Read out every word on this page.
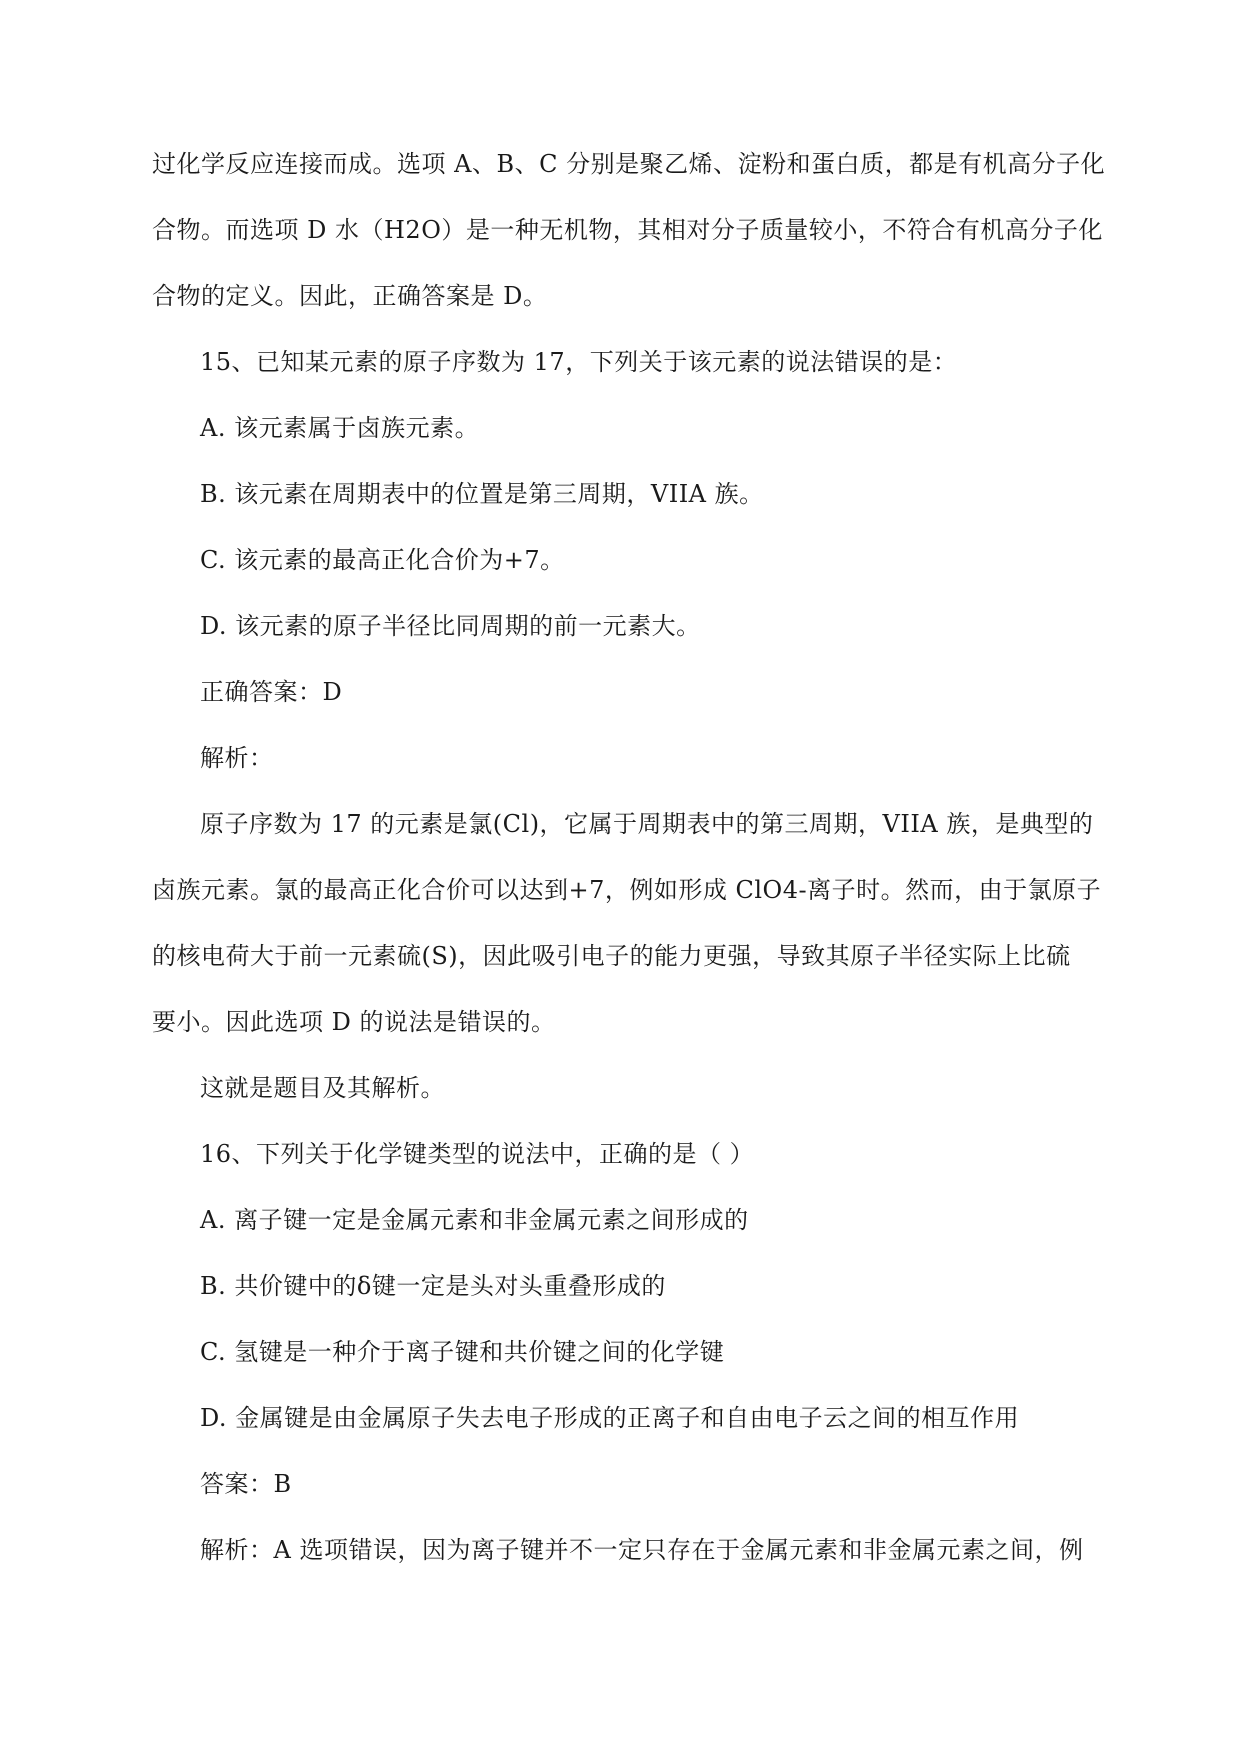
过化学反应连接而成。选项 A、B、C 分别是聚乙烯、淀粉和蛋白质，都是有机高分子化
合物。而选项 D 水（H2O）是一种无机物，其相对分子质量较小，不符合有机高分子化
合物的定义。因此，正确答案是 D。
15、已知某元素的原子序数为 17，下列关于该元素的说法错误的是：
A. 该元素属于卤族元素。
B. 该元素在周期表中的位置是第三周期，VIIA 族。
C. 该元素的最高正化合价为+7。
D. 该元素的原子半径比同周期的前一元素大。
正确答案：D
解析：
原子序数为 17 的元素是氯(Cl)，它属于周期表中的第三周期，VIIA 族，是典型的
卤族元素。氯的最高正化合价可以达到+7，例如形成 ClO4-离子时。然而，由于氯原子
的核电荷大于前一元素硫(S)，因此吸引电子的能力更强，导致其原子半径实际上比硫
要小。因此选项 D 的说法是错误的。
这就是题目及其解析。
16、下列关于化学键类型的说法中，正确的是（ ）
A. 离子键一定是金属元素和非金属元素之间形成的
B. 共价键中的δ键一定是头对头重叠形成的
C. 氢键是一种介于离子键和共价键之间的化学键
D. 金属键是由金属原子失去电子形成的正离子和自由电子云之间的相互作用
答案：B
解析：A 选项错误，因为离子键并不一定只存在于金属元素和非金属元素之间，例
